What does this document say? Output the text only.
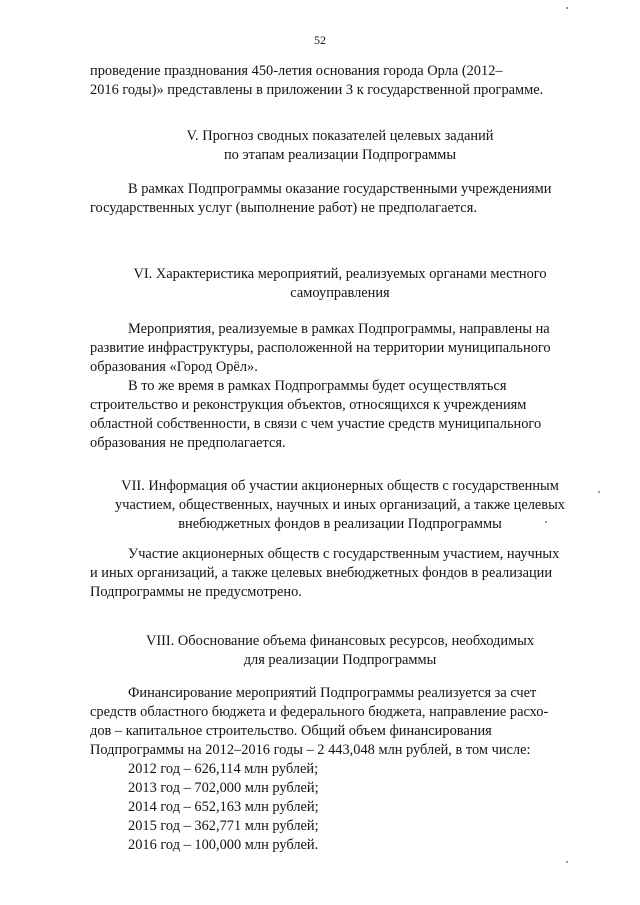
52
проведение празднования 450-летия основания города Орла (2012–
2016 годы)» представлены в приложении 3 к государственной программе.
V. Прогноз сводных показателей целевых заданий
по этапам реализации Подпрограммы
В рамках Подпрограммы оказание государственными учреждениями
государственных услуг (выполнение работ) не предполагается.
VI. Характеристика мероприятий, реализуемых органами местного
самоуправления
Мероприятия, реализуемые в рамках Подпрограммы, направлены на
развитие инфраструктуры, расположенной на территории муниципального
образования «Город Орёл».
В то же время в рамках Подпрограммы будет осуществляться
строительство и реконструкция объектов, относящихся к учреждениям
областной собственности, в связи с чем участие средств муниципального
образования не предполагается.
VII. Информация об участии акционерных обществ с государственным
участием, общественных, научных и иных организаций, а также целевых
внебюджетных фондов в реализации Подпрограммы
Участие акционерных обществ с государственным участием, научных
и иных организаций, а также целевых внебюджетных фондов в реализации
Подпрограммы не предусмотрено.
VIII. Обоснование объема финансовых ресурсов, необходимых
для реализации Подпрограммы
Финансирование мероприятий Подпрограммы реализуется за счет
средств областного бюджета и федерального бюджета, направление расхо-
дов – капитальное строительство. Общий объем финансирования
Подпрограммы на 2012–2016 годы – 2 443,048 млн рублей, в том числе:
2012 год – 626,114 млн рублей;
2013 год – 702,000 млн рублей;
2014 год – 652,163 млн рублей;
2015 год – 362,771 млн рублей;
2016 год – 100,000 млн рублей.
